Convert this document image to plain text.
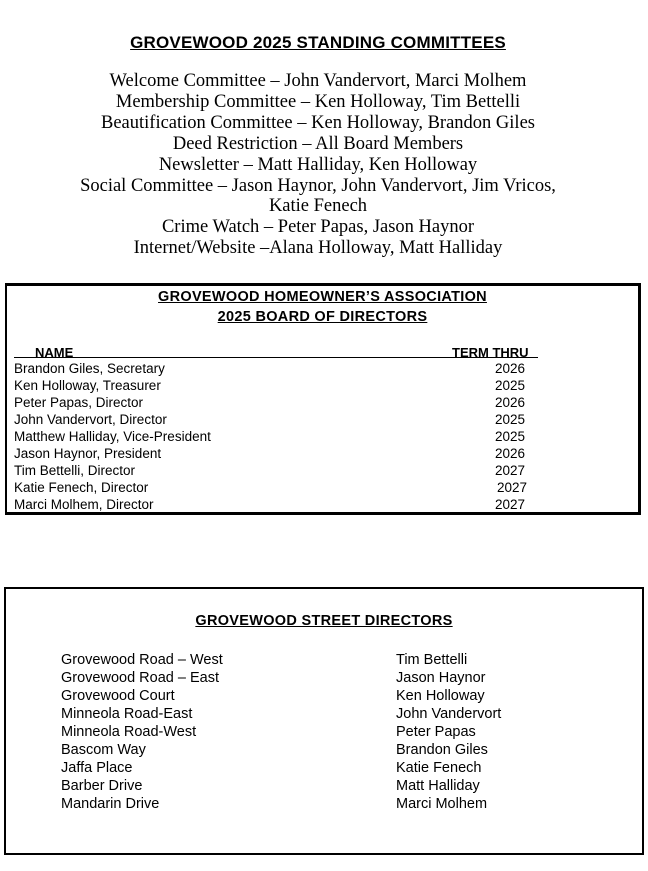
GROVEWOOD 2025 STANDING COMMITTEES
Welcome Committee – John Vandervort, Marci Molhem
Membership Committee – Ken Holloway, Tim Bettelli
Beautification Committee – Ken Holloway, Brandon Giles
Deed Restriction – All Board Members
Newsletter – Matt Halliday, Ken Holloway
Social Committee – Jason Haynor, John Vandervort, Jim Vricos,
Katie Fenech
Crime Watch – Peter Papas, Jason Haynor
Internet/Website –Alana Holloway, Matt Halliday
GROVEWOOD HOMEOWNER’S ASSOCIATION
2025 BOARD OF DIRECTORS
NAME	TERM THRU
Brandon Giles, Secretary	2026
Ken Holloway, Treasurer	2025
Peter Papas, Director	2026
John Vandervort, Director	2025
Matthew Halliday, Vice-President	2025
Jason Haynor, President	2026
Tim Bettelli, Director	2027
Katie Fenech, Director	2027
Marci Molhem, Director	2027
GROVEWOOD STREET DIRECTORS
Grovewood Road – West	Tim Bettelli
Grovewood Road – East	Jason Haynor
Grovewood Court	Ken Holloway
Minneola Road-East	John Vandervort
Minneola Road-West	Peter Papas
Bascom Way	Brandon Giles
Jaffa Place	Katie Fenech
Barber Drive	Matt Halliday
Mandarin Drive	Marci Molhem
